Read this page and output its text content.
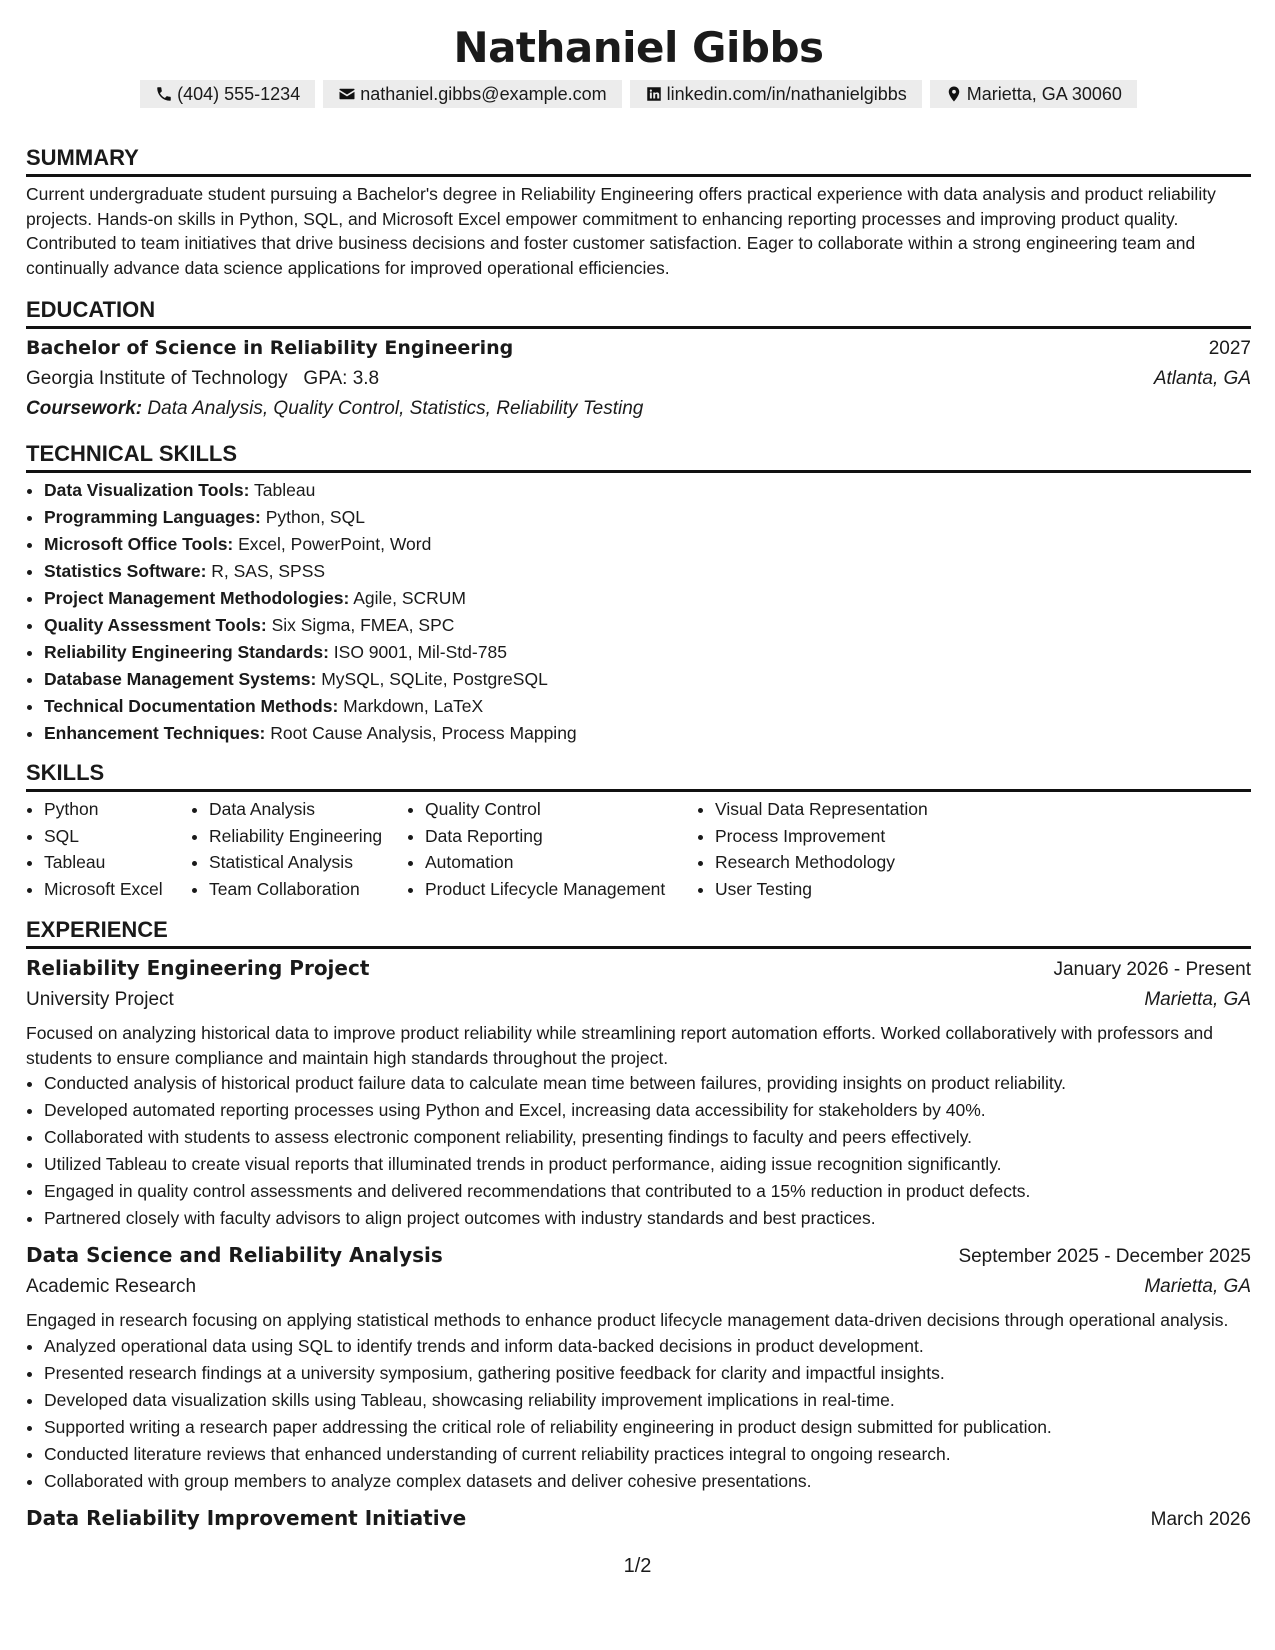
Nathaniel Gibbs
(404) 555-1234	nathaniel.gibbs@example.com	linkedin.com/in/nathanielgibbs	Marietta, GA 30060
SUMMARY

Current undergraduate student pursuing a Bachelor's degree in Reliability Engineering offers practical experience with data analysis and product reliability projects. Hands-on skills in Python, SQL, and Microsoft Excel empower commitment to enhancing reporting processes and improving product quality. Contributed to team initiatives that drive business decisions and foster customer satisfaction. Eager to collaborate within a strong engineering team and continually advance data science applications for improved operational efficiencies.

EDUCATION
Bachelor of Science in Reliability Engineering	2027
Georgia Institute of Technology   GPA: 3.8	Atlanta, GA
Coursework: Data Analysis, Quality Control, Statistics, Reliability Testing
TECHNICAL SKILLS
• Data Visualization Tools: Tableau
• Programming Languages: Python, SQL
• Microsoft Office Tools: Excel, PowerPoint, Word
• Statistics Software: R, SAS, SPSS
• Project Management Methodologies: Agile, SCRUM
• Quality Assessment Tools: Six Sigma, FMEA, SPC
• Reliability Engineering Standards: ISO 9001, Mil-Std-785
• Database Management Systems: MySQL, SQLite, PostgreSQL
• Technical Documentation Methods: Markdown, LaTeX
• Enhancement Techniques: Root Cause Analysis, Process Mapping
SKILLS
• Python
• SQL
• Tableau
• Microsoft Excel
• Data Analysis
• Reliability Engineering
• Statistical Analysis
• Team Collaboration
• Quality Control
• Data Reporting
• Automation
• Product Lifecycle Management
• Visual Data Representation
• Process Improvement
• Research Methodology
• User Testing
EXPERIENCE
Reliability Engineering Project	January 2026 - Present
University Project	Marietta, GA

Focused on analyzing historical data to improve product reliability while streamlining report automation efforts. Worked collaboratively with professors and students to ensure compliance and maintain high standards throughout the project.

• Conducted analysis of historical product failure data to calculate mean time between failures, providing insights on product reliability.
• Developed automated reporting processes using Python and Excel, increasing data accessibility for stakeholders by 40%.
• Collaborated with students to assess electronic component reliability, presenting findings to faculty and peers effectively.
• Utilized Tableau to create visual reports that illuminated trends in product performance, aiding issue recognition significantly.
• Engaged in quality control assessments and delivered recommendations that contributed to a 15% reduction in product defects.
• Partnered closely with faculty advisors to align project outcomes with industry standards and best practices.
Data Science and Reliability Analysis	September 2025 - December 2025
Academic Research	Marietta, GA

Engaged in research focusing on applying statistical methods to enhance product lifecycle management data-driven decisions through operational analysis.

• Analyzed operational data using SQL to identify trends and inform data-backed decisions in product development.
• Presented research findings at a university symposium, gathering positive feedback for clarity and impactful insights.
• Developed data visualization skills using Tableau, showcasing reliability improvement implications in real-time.
• Supported writing a research paper addressing the critical role of reliability engineering in product design submitted for publication.
• Conducted literature reviews that enhanced understanding of current reliability practices integral to ongoing research.
• Collaborated with group members to analyze complex datasets and deliver cohesive presentations.
Data Reliability Improvement Initiative	March 2026
1/2
